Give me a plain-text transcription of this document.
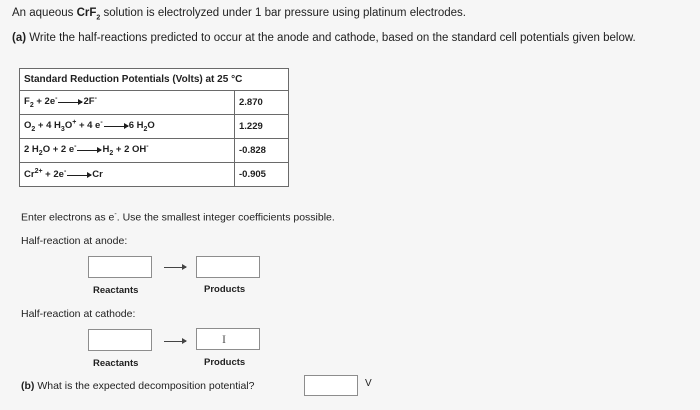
An aqueous CrF$_2$ solution is electrolyzed under 1 bar pressure using platinum electrodes.
(a) Write the half-reactions predicted to occur at the anode and cathode, based on the standard cell potentials given below.
Standard Reduction Potentials (Volts) at 25 °C	
$F_2 + 2e^-\to 2F^-$	2.870
$O_2 + 4$ $H_3O^+ + 4$ e-→6 $H_2O$	1.229
2 $H_2O + 2$ $e^-\to H_2 + 2$ OH-	-0.828
$Cr^{2+} + 2e^-\to Cr$	-0.905
Enter electrons as e-. Use the smallest integer coefficients possible.
Half-reaction at anode:
Reactants	Products
Half-reaction at cathode:
I
Reactants	Products
(b) What is the expected decomposition potential?	V
